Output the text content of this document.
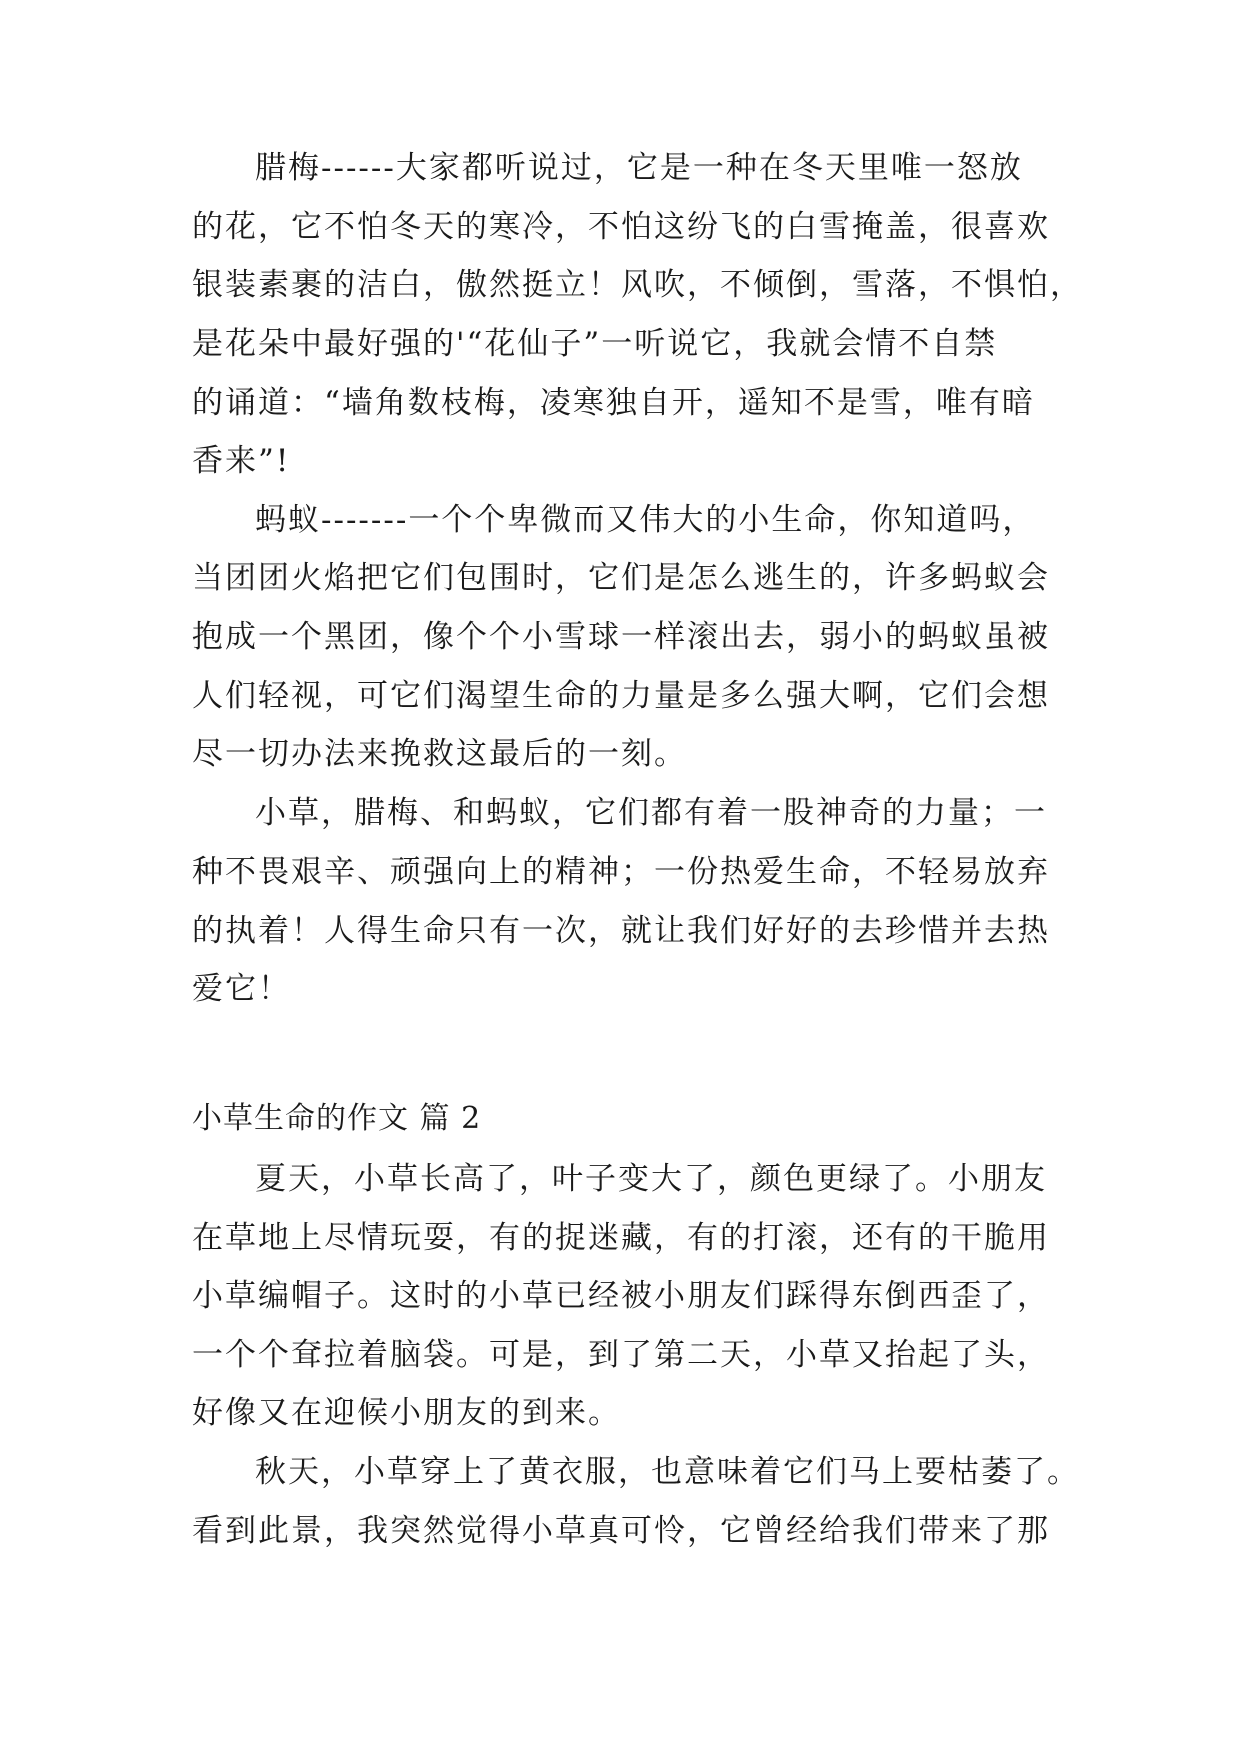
腊梅------大家都听说过，它是一种在冬天里唯一怒放
的花，它不怕冬天的寒冷，不怕这纷飞的白雪掩盖，很喜欢
银装素裹的洁白，傲然挺立！风吹，不倾倒，雪落，不惧怕，
是花朵中最好强的'“花仙子”一听说它，我就会情不自禁
的诵道：“墙角数枝梅，凌寒独自开，遥知不是雪，唯有暗
香来”!
蚂蚁-------一个个卑微而又伟大的小生命，你知道吗，
当团团火焰把它们包围时，它们是怎么逃生的，许多蚂蚁会
抱成一个黑团，像个个小雪球一样滚出去，弱小的蚂蚁虽被
人们轻视，可它们渴望生命的力量是多么强大啊，它们会想
尽一切办法来挽救这最后的一刻。
小草，腊梅、和蚂蚁，它们都有着一股神奇的力量；一
种不畏艰辛、顽强向上的精神；一份热爱生命，不轻易放弃
的执着！人得生命只有一次，就让我们好好的去珍惜并去热
爱它！
小草生命的作文 篇 2
夏天，小草长高了，叶子变大了，颜色更绿了。小朋友
在草地上尽情玩耍，有的捉迷藏，有的打滚，还有的干脆用
小草编帽子。这时的小草已经被小朋友们踩得东倒西歪了，
一个个耷拉着脑袋。可是，到了第二天，小草又抬起了头，
好像又在迎候小朋友的到来。
秋天，小草穿上了黄衣服，也意味着它们马上要枯萎了。
看到此景，我突然觉得小草真可怜，它曾经给我们带来了那
